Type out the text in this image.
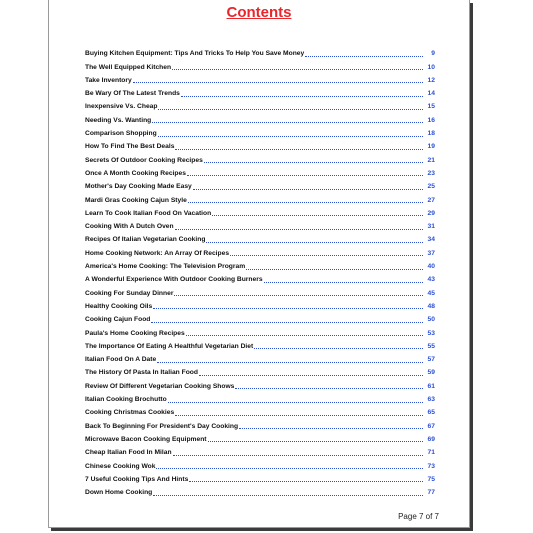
Contents
Buying Kitchen Equipment: Tips And Tricks To Help You Save Money	9
The Well Equipped Kitchen	10
Take Inventory	12
Be Wary Of The Latest Trends	14
Inexpensive Vs. Cheap	15
Needing Vs. Wanting	16
Comparison Shopping	18
How To Find The Best Deals	19
Secrets Of Outdoor Cooking Recipes	21
Once A Month Cooking Recipes	23
Mother's Day Cooking Made Easy	25
Mardi Gras Cooking Cajun Style	27
Learn To Cook Italian Food On Vacation	29
Cooking With A Dutch Oven	31
Recipes Of Italian Vegetarian Cooking	34
Home Cooking Network: An Array Of Recipes	37
America's Home Cooking: The Television Program	40
A Wonderful Experience With Outdoor Cooking Burners	43
Cooking For Sunday Dinner	45
Healthy Cooking Oils	48
Cooking Cajun Food	50
Paula's Home Cooking Recipes	53
The Importance Of Eating A Healthful Vegetarian Diet	55
Italian Food On A Date	57
The History Of Pasta In Italian Food	59
Review Of Different Vegetarian Cooking Shows	61
Italian Cooking Brochutto	63
Cooking Christmas Cookies	65
Back To Beginning For President's Day Cooking	67
Microwave Bacon Cooking Equipment	69
Cheap Italian Food In Milan	71
Chinese Cooking Wok	73
7 Useful Cooking Tips And Hints	75
Down Home Cooking	77
Page 7 of 7
